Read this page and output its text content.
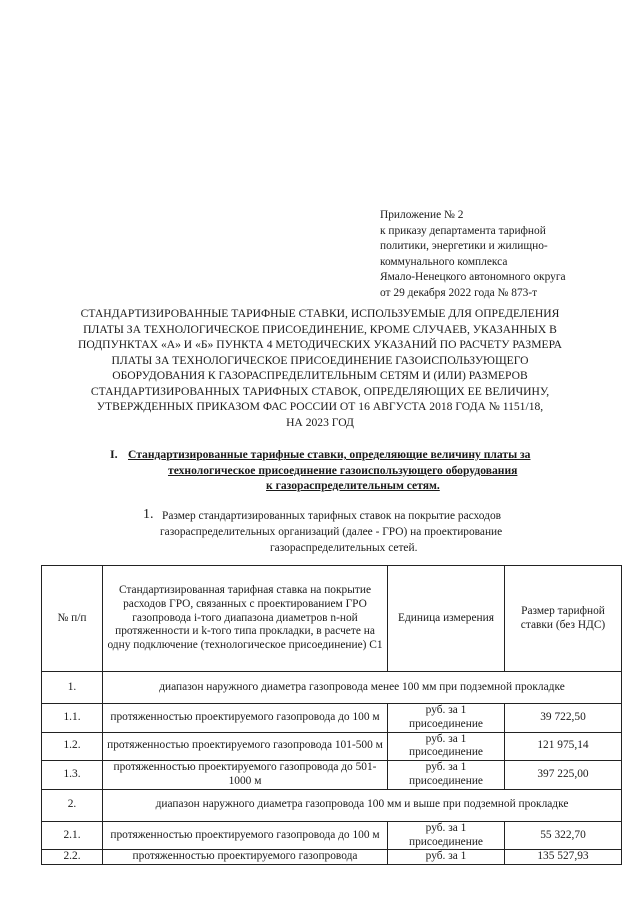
Приложение № 2
к приказу департамента тарифной
политики, энергетики и жилищно-
коммунального комплекса
Ямало-Ненецкого автономного округа
от 29 декабря 2022 года № 873-т
СТАНДАРТИЗИРОВАННЫЕ ТАРИФНЫЕ СТАВКИ, ИСПОЛЬЗУЕМЫЕ ДЛЯ ОПРЕДЕЛЕНИЯ
ПЛАТЫ ЗА ТЕХНОЛОГИЧЕСКОЕ ПРИСОЕДИНЕНИЕ, КРОМЕ СЛУЧАЕВ, УКАЗАННЫХ В
ПОДПУНКТАХ «А» И «Б» ПУНКТА 4 МЕТОДИЧЕСКИХ УКАЗАНИЙ ПО РАСЧЕТУ РАЗМЕРА
ПЛАТЫ ЗА ТЕХНОЛОГИЧЕСКОЕ ПРИСОЕДИНЕНИЕ ГАЗОИСПОЛЬЗУЮЩЕГО
ОБОРУДОВАНИЯ К ГАЗОРАСПРЕДЕЛИТЕЛЬНЫМ СЕТЯМ И (ИЛИ) РАЗМЕРОВ
СТАНДАРТИЗИРОВАННЫХ ТАРИФНЫХ СТАВОК, ОПРЕДЕЛЯЮЩИХ ЕЕ ВЕЛИЧИНУ,
УТВЕРЖДЕННЫХ ПРИКАЗОМ ФАС РОССИИ ОТ 16 АВГУСТА 2018 ГОДА № 1151/18,
НА 2023 ГОД
I. Стандартизированные тарифные ставки, определяющие величину платы за
технологическое присоединение газоиспользующего оборудования
к газораспределительным сетям.
1. Размер стандартизированных тарифных ставок на покрытие расходов
газораспределительных организаций (далее - ГРО) на проектирование
газораспределительных сетей.
№ п/п	Стандартизированная тарифная ставка на покрытие расходов ГРО, связанных с проектированием ГРО газопровода i-того диапазона диаметров n-ной протяженности и k-того типа прокладки, в расчете на одну подключение (технологическое присоединение) C1	Единица измерения	Размер тарифной ставки (без НДС)
1.	диапазон наружного диаметра газопровода менее 100 мм при подземной прокладке		
1.1.	протяженностью проектируемого газопровода до 100 м	руб. за 1 присоединение	39 722,50
1.2.	протяженностью проектируемого газопровода 101-500 м	руб. за 1 присоединение	121 975,14
1.3.	протяженностью проектируемого газопровода до 501-1000 м	руб. за 1 присоединение	397 225,00
2.	диапазон наружного диаметра газопровода 100 мм и выше при подземной прокладке		
2.1.	протяженностью проектируемого газопровода до 100 м	руб. за 1 присоединение	55 322,70
2.2.	протяженностью проектируемого газопровода	руб. за 1	135 527,93
